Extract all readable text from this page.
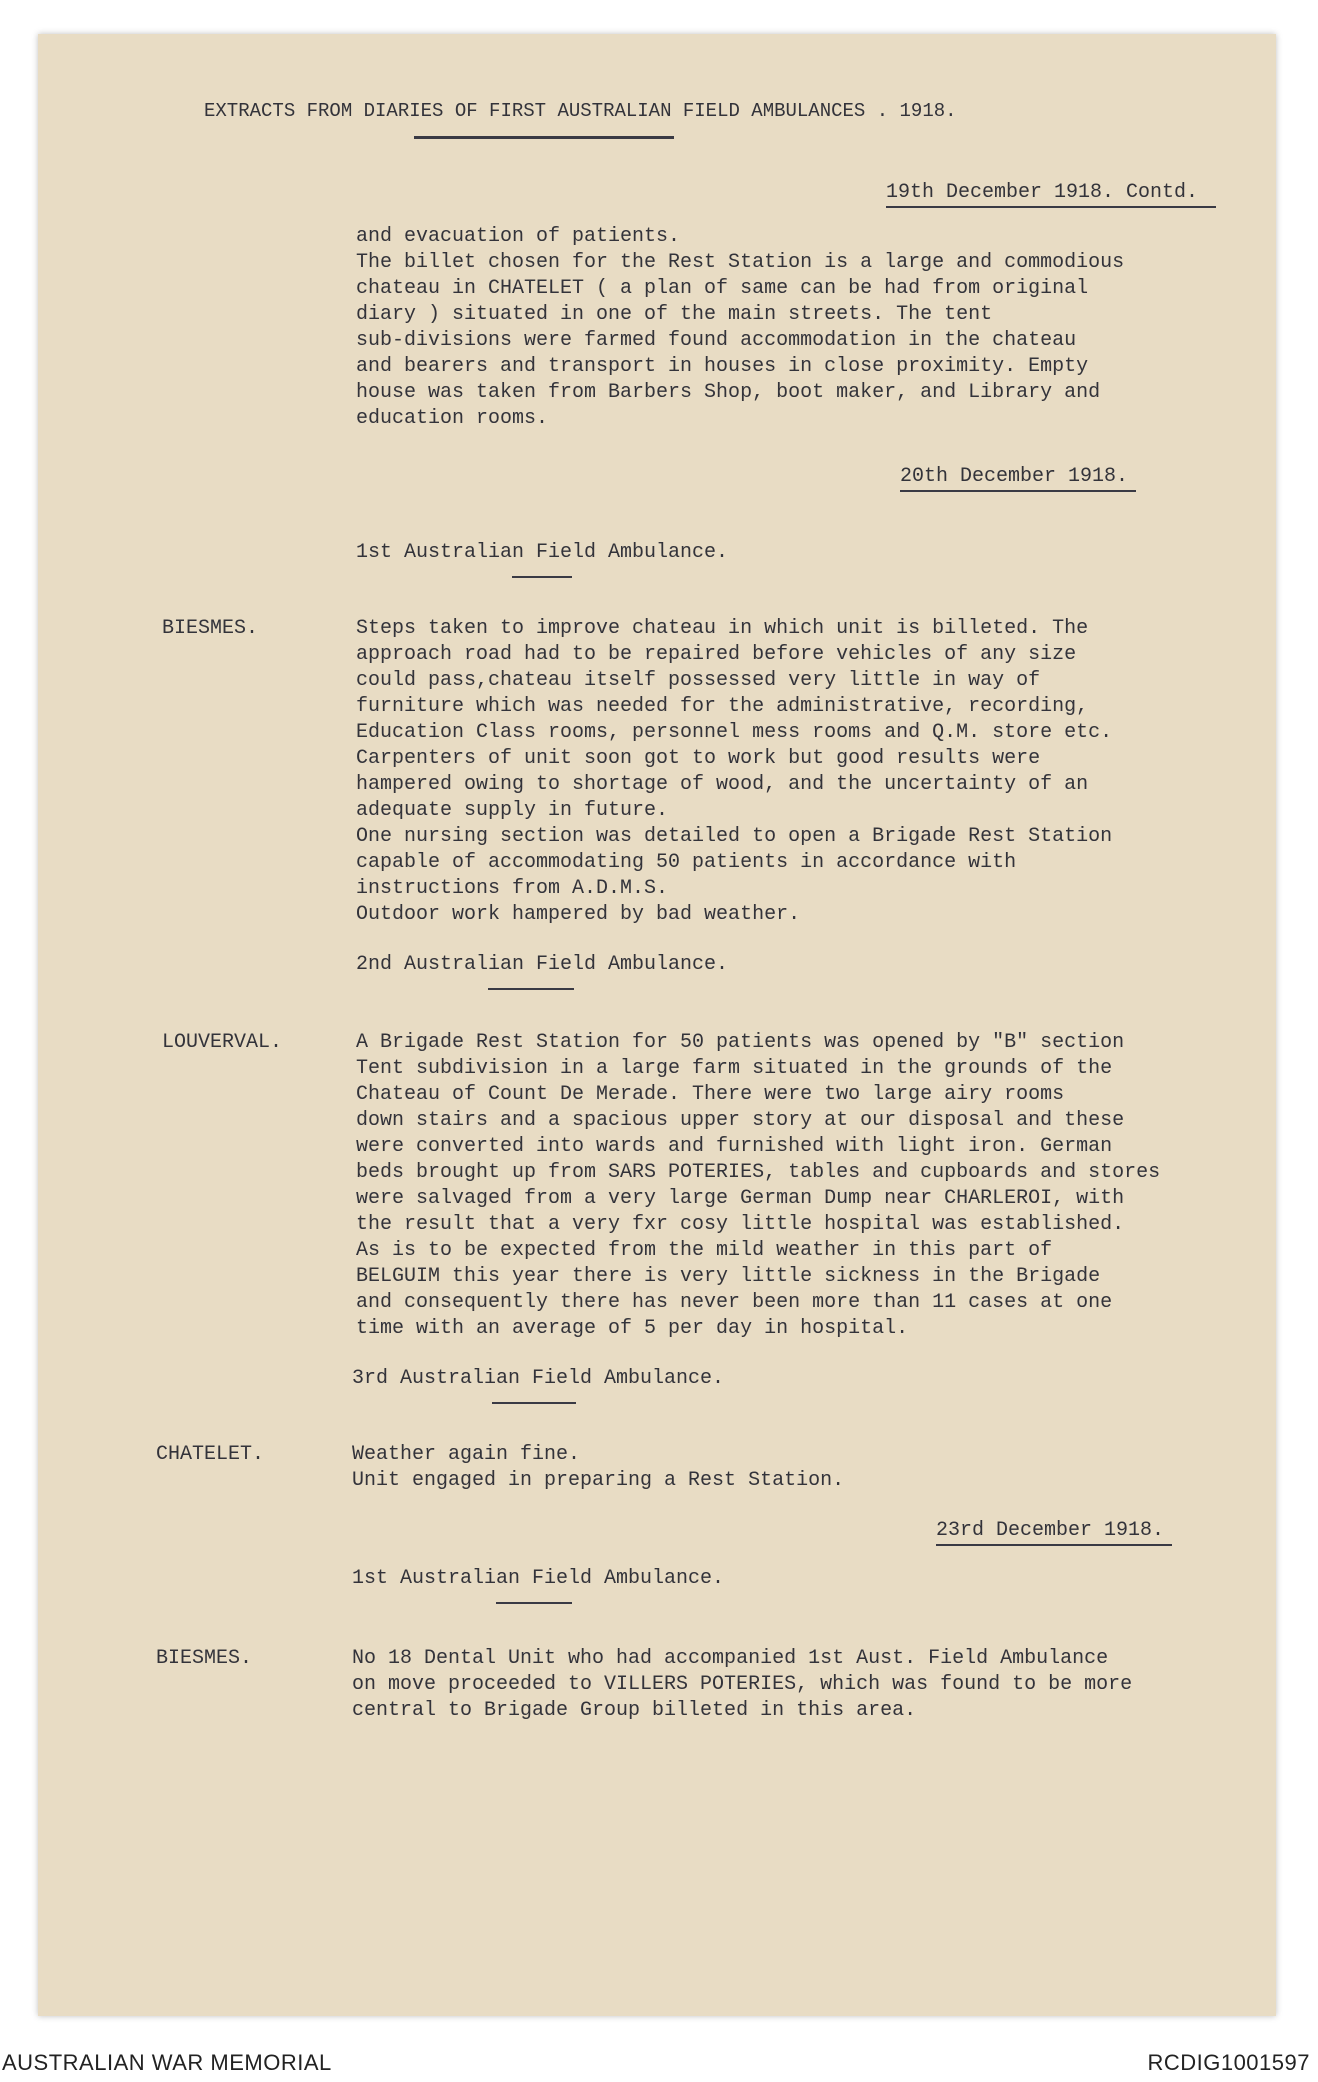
EXTRACTS FROM DIARIES OF FIRST AUSTRALIAN FIELD AMBULANCES . 1918.
19th December 1918. Contd.
and evacuation of patients.
The billet chosen for the Rest Station is a large and commodious
chateau in CHATELET ( a plan of same can be had from original
diary ) situated in one of the main streets. The tent
sub-divisions were farmed found accommodation in the chateau
and bearers and transport in houses in close proximity. Empty
house was taken from Barbers Shop, boot maker, and Library and
education rooms.
20th December 1918.
1st Australian Field Ambulance.
BIESMES.	Steps taken to improve chateau in which unit is billeted. The
approach road had to be repaired before vehicles of any size
could pass,chateau itself possessed very little in way of
furniture which was needed for the administrative, recording,
Education Class rooms, personnel mess rooms and Q.M. store etc.
Carpenters of unit soon got to work but good results were
hampered owing to shortage of wood, and the uncertainty of an
adequate supply in future.
One nursing section was detailed to open a Brigade Rest Station
capable of accommodating 50 patients in accordance with
instructions from A.D.M.S.
Outdoor work hampered by bad weather.
2nd Australian Field Ambulance.
LOUVERVAL.	A Brigade Rest Station for 50 patients was opened by "B" section
Tent subdivision in a large farm situated in the grounds of the
Chateau of Count De Merade. There were two large airy rooms
down stairs and a spacious upper story at our disposal and these
were converted into wards and furnished with light iron. German
beds brought up from SARS POTERIES, tables and cupboards and stores
were salvaged from a very large German Dump near CHARLEROI, with
the result that a very fxr cosy little hospital was established.
As is to be expected from the mild weather in this part of
BELGUIM this year there is very little sickness in the Brigade
and consequently there has never been more than 11 cases at one
time with an average of 5 per day in hospital.
3rd Australian Field Ambulance.
CHATELET.	Weather again fine.
Unit engaged in preparing a Rest Station.
23rd December 1918.
1st Australian Field Ambulance.
BIESMES.	No 18 Dental Unit who had accompanied 1st Aust. Field Ambulance
on move proceeded to VILLERS POTERIES, which was found to be more
central to Brigade Group billeted in this area.
AUSTRALIAN WAR MEMORIAL	RCDIG1001597
